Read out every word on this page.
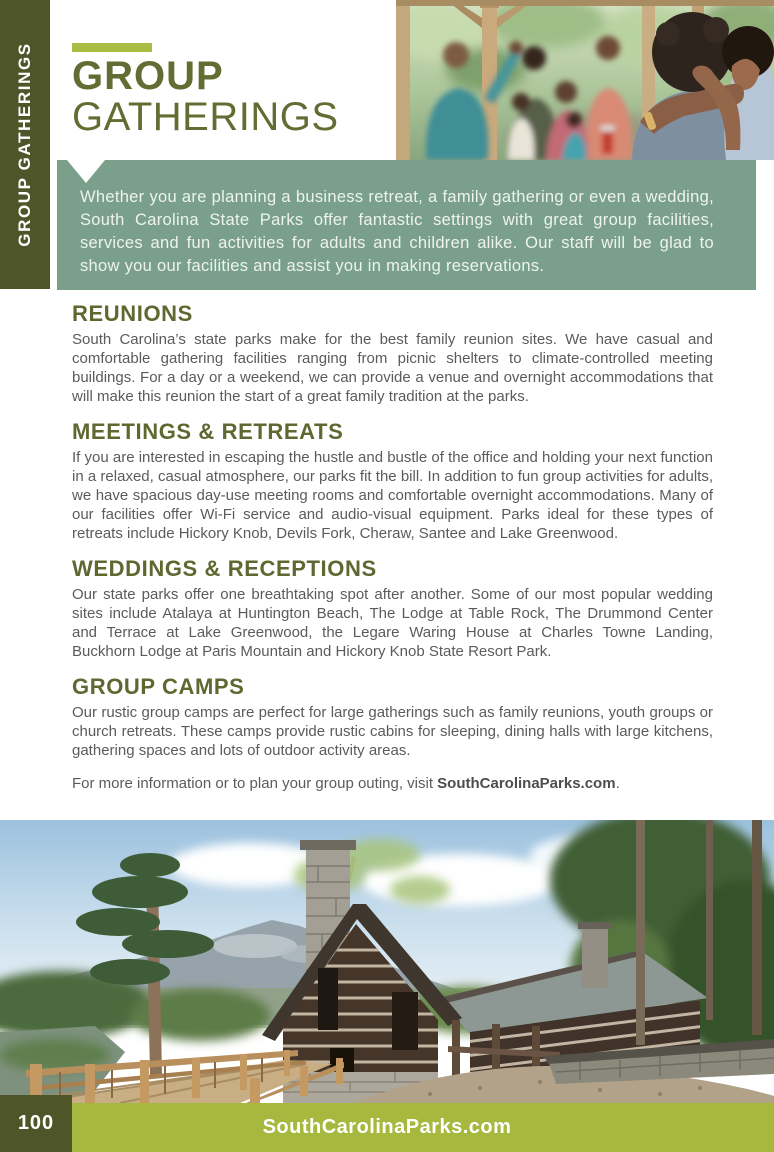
GROUP GATHERINGS GROUP
GATHERINGS

Whether you are planning a business retreat, a family gathering or even a wedding, South Carolina State Parks offer fantastic settings with great group facilities, services and fun activities for adults and children alike. Our staff will be glad to show you our facilities and assist you in making reservations.

REUNIONS

South Carolina’s state parks make for the best family reunion sites. We have casual and comfortable gathering facilities ranging from picnic shelters to climate-controlled meeting buildings. For a day or a weekend, we can provide a venue and overnight accommodations that will make this reunion the start of a great family tradition at the parks.

MEETINGS & RETREATS

If you are interested in escaping the hustle and bustle of the office and holding your next function in a relaxed, casual atmosphere, our parks fit the bill. In addition to fun group activities for adults, we have spacious day-use meeting rooms and comfortable overnight accommodations. Many of our facilities offer Wi-Fi service and audio-visual equipment. Parks ideal for these types of retreats include Hickory Knob, Devils Fork, Cheraw, Santee and Lake Greenwood.

WEDDINGS & RECEPTIONS

Our state parks offer one breathtaking spot after another. Some of our most popular wedding sites include Atalaya at Huntington Beach, The Lodge at Table Rock, The Drummond Center and Terrace at Lake Greenwood, the Legare Waring House at Charles Towne Landing, Buckhorn Lodge at Paris Mountain and Hickory Knob State Resort Park.

GROUP CAMPS

Our rustic group camps are perfect for large gatherings such as family reunions, youth groups or church retreats. These camps provide rustic cabins for sleeping, dining halls with large kitchens, gathering spaces and lots of outdoor activity areas.

For more information or to plan your group outing, visit SouthCarolinaParks.com.

SouthCarolinaParks.com
100
